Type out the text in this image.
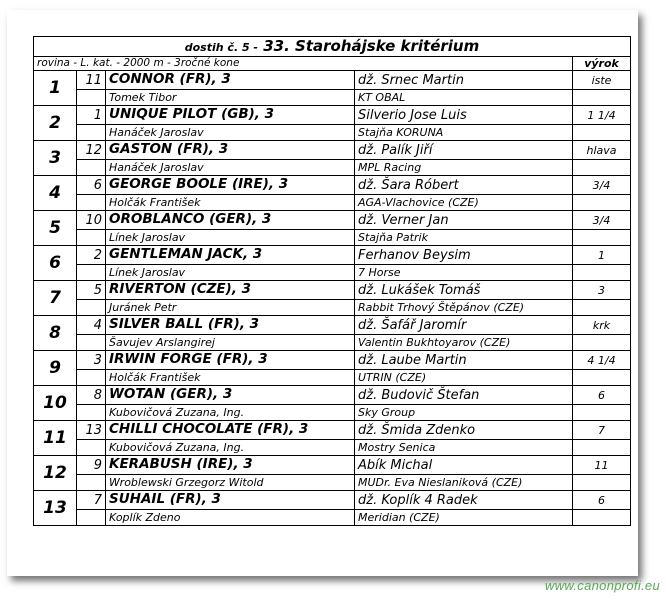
dostih č. 5 - 33. Starohájske kritérium				
rovina - L. kat. - 2000 m - 3ročné kone				výrok
1	11	CONNOR (FR), 3	dž. Srnec Martin	iste
		Tomek Tibor	KT OBAL	
2	1	UNIQUE PILOT (GB), 3	Silverio Jose Luis	1 1/4
		Hanáček Jaroslav	Stajňa KORUNA	
3	12	GASTON (FR), 3	dž. Palík Jiří	hlava
		Hanáček Jaroslav	MPL Racing	
4	6	GEORGE BOOLE (IRE), 3	dž. Šara Róbert	3/4
		Holčák František	AGA-Vlachovice (CZE)	
5	10	OROBLANCO (GER), 3	dž. Verner Jan	3/4
		Línek Jaroslav	Stajňa Patrik	
6	2	GENTLEMAN JACK, 3	Ferhanov Beysim	1
		Línek Jaroslav	7 Horse	
7	5	RIVERTON (CZE), 3	dž. Lukášek Tomáš	3
		Juránek Petr	Rabbit Trhový Štěpánov (CZE)	
8	4	SILVER BALL (FR), 3	dž. Šafář Jaromír	krk
		Šavujev Arslangirej	Valentin Bukhtoyarov (CZE)	
9	3	IRWIN FORGE (FR), 3	dž. Laube Martin	4 1/4
		Holčák František	UTRIN (CZE)	
10	8	WOTAN (GER), 3	dž. Budovič Štefan	6
		Kubovičová Zuzana, Ing.	Sky Group	
11	13	CHILLI CHOCOLATE (FR), 3	dž. Šmida Zdenko	7
		Kubovičová Zuzana, Ing.	Mostry Senica	
12	9	KERABUSH (IRE), 3	Abík Michal	11
		Wroblewski Grzegorz Witold	MUDr. Eva Nieslaniková (CZE)	
13	7	SUHAIL (FR), 3	dž. Koplík 4 Radek	6
		Koplík Zdeno	Meridian (CZE)	
www.canonprofi.eu
